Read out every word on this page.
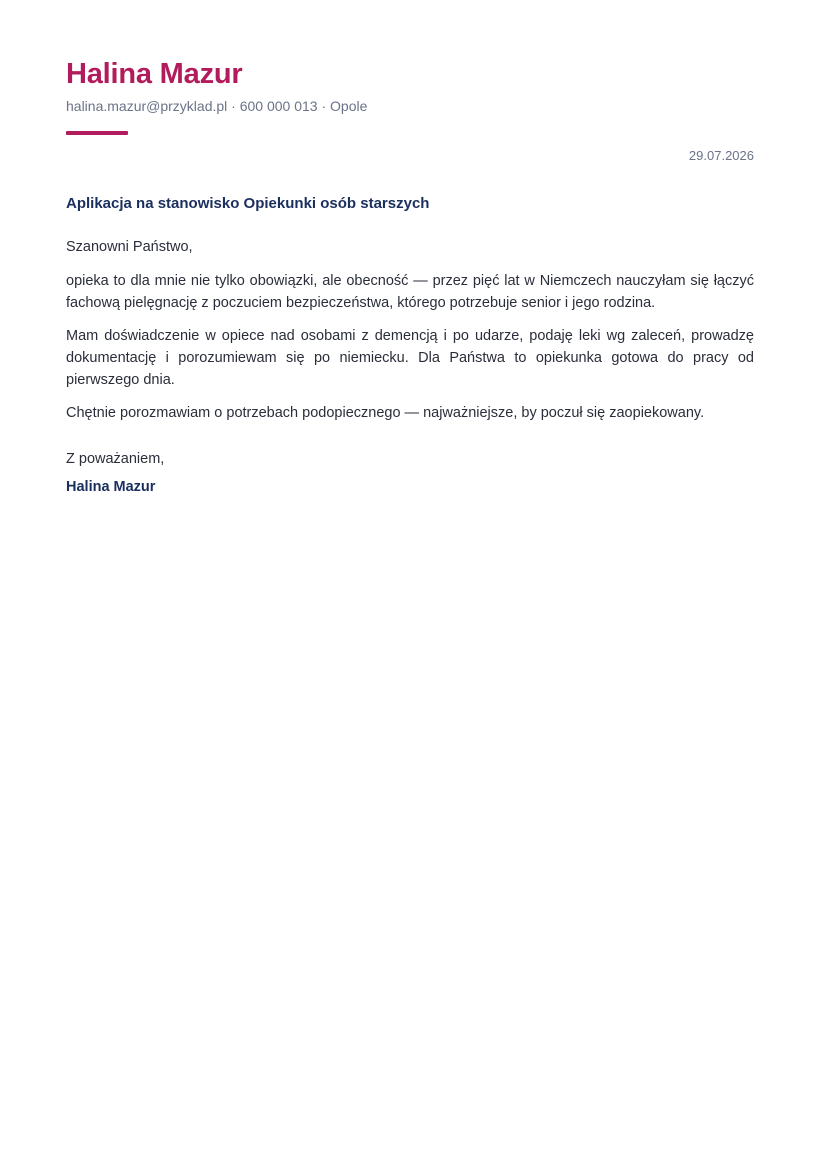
Halina Mazur
halina.mazur@przyklad.pl · 600 000 013 · Opole
29.07.2026
Aplikacja na stanowisko Opiekunki osób starszych

Szanowni Państwo,

opieka to dla mnie nie tylko obowiązki, ale obecność — przez pięć lat w Niemczech nauczyłam się łączyć fachową pielęgnację z poczuciem bezpieczeństwa, którego potrzebuje senior i jego rodzina.

Mam doświadczenie w opiece nad osobami z demencją i po udarze, podaję leki wg zaleceń, prowadzę dokumentację i porozumiewam się po niemiecku. Dla Państwa to opiekunka gotowa do pracy od pierwszego dnia.

Chętnie porozmawiam o potrzebach podopiecznego — najważniejsze, by poczuł się zaopiekowany.

Z poważaniem,
Halina Mazur
